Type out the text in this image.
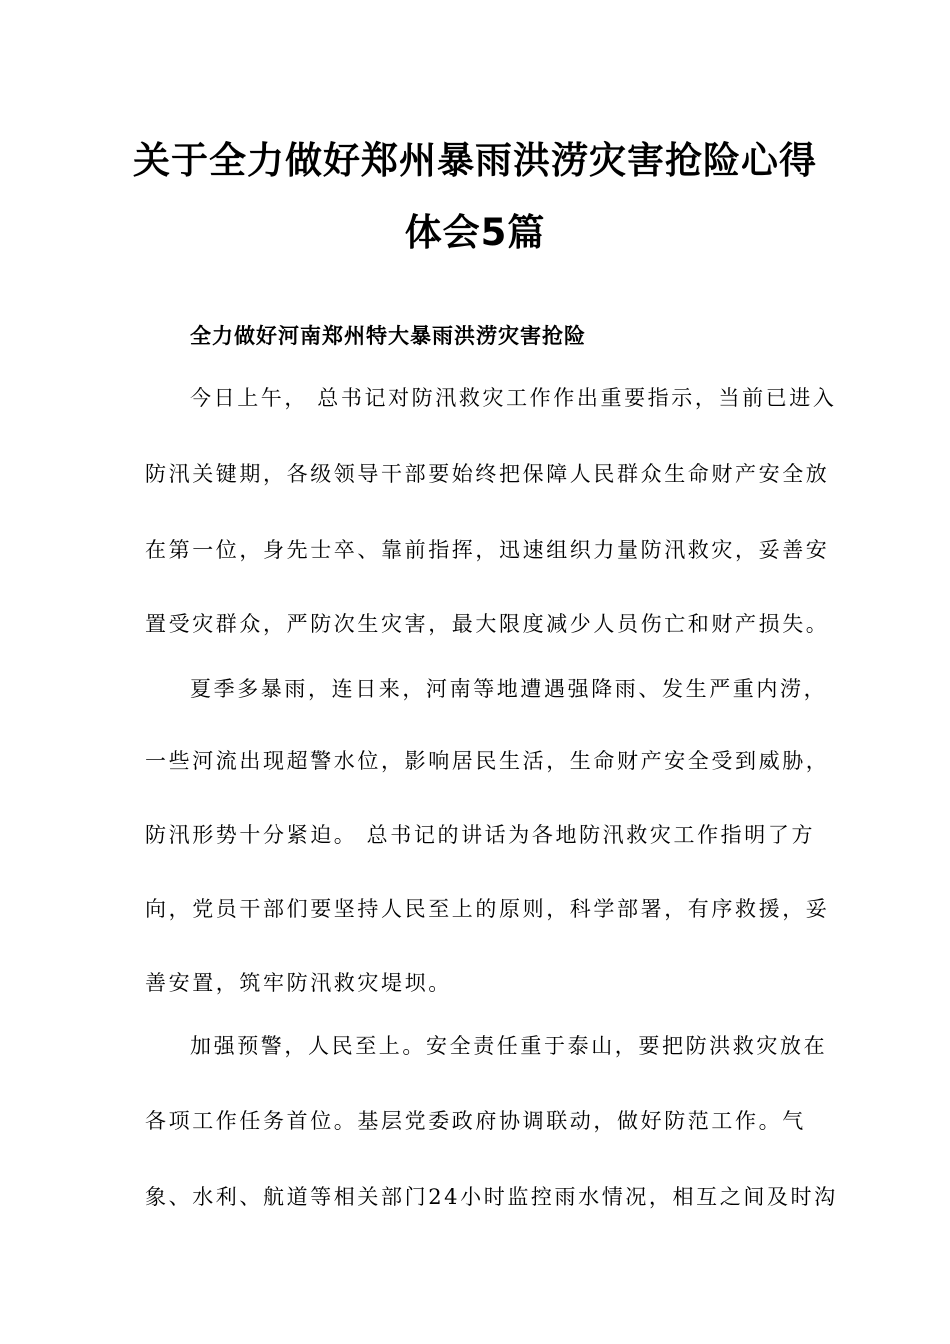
关于全力做好郑州暴雨洪涝灾害抢险心得
体会5篇
全力做好河南郑州特大暴雨洪涝灾害抢险
今日上午， 总书记对防汛救灾工作作出重要指示，当前已进入
防汛关键期，各级领导干部要始终把保障人民群众生命财产安全放
在第一位，身先士卒、靠前指挥，迅速组织力量防汛救灾，妥善安
置受灾群众，严防次生灾害，最大限度减少人员伤亡和财产损失。
夏季多暴雨，连日来，河南等地遭遇强降雨、发生严重内涝，
一些河流出现超警水位，影响居民生活，生命财产安全受到威胁，
防汛形势十分紧迫。 总书记的讲话为各地防汛救灾工作指明了方
向，党员干部们要坚持人民至上的原则，科学部署，有序救援，妥
善安置，筑牢防汛救灾堤坝。
加强预警，人民至上。安全责任重于泰山，要把防洪救灾放在
各项工作任务首位。基层党委政府协调联动，做好防范工作。气
象、水利、航道等相关部门24小时监控雨水情况，相互之间及时沟
